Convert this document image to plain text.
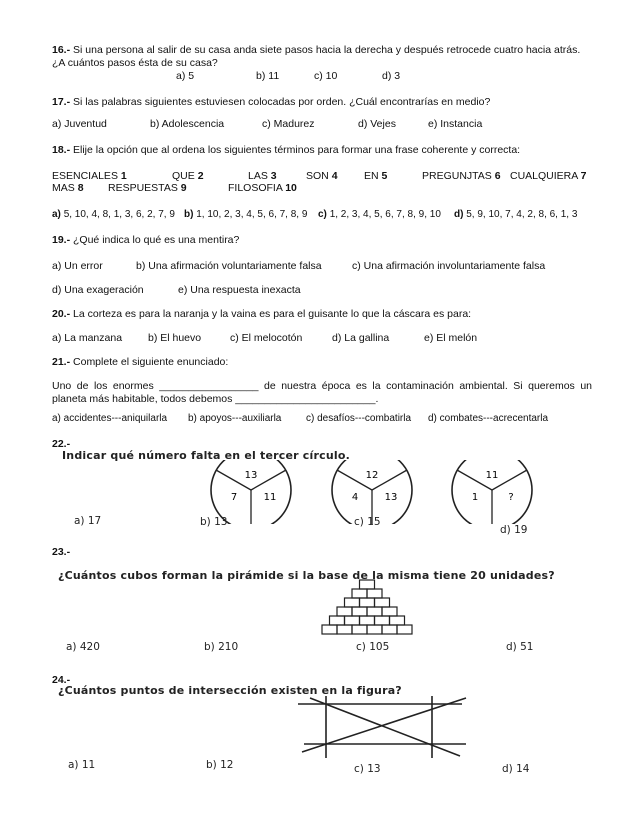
16.- Si una persona al salir de su casa anda siete pasos hacia la derecha y después retrocede cuatro hacia atrás. ¿A cuántos pasos ésta de su casa?
a) 5	b) 11	c) 10	d) 3
17.- Si las palabras siguientes estuviesen colocadas por orden. ¿Cuál encontrarías en medio?
a) Juventud	b) Adolescencia	c) Madurez	d) Vejes	e) Instancia
18.- Elije la opción que al ordena los siguientes términos para formar una frase coherente y correcta:
ESENCIALES 1	QUE 2	LAS 3	SON 4	EN 5	PREGUNJTAS 6 CUALQUIERA 7
MAS 8 RESPUESTAS 9	FILOSOFIA 10
a) 5, 10, 4, 8, 1, 3, 6, 2, 7, 9 b) 1, 10, 2, 3, 4, 5, 6, 7, 8, 9 c) 1, 2, 3, 4, 5, 6, 7, 8, 9, 10 d) 5, 9, 10, 7, 4, 2, 8, 6, 1, 3
19.- ¿Qué indica lo qué es una mentira?
a) Un error	b) Una afirmación voluntariamente falsa	c) Una afirmación involuntariamente falsa
d) Una exageración	e) Una respuesta inexacta
20.- La corteza es para la naranja y la vaina es para el guisante lo que la cáscara es para:
a) La manzana b) El huevo	c) El melocotón	d) La gallina	e) El melón
21.- Complete el siguiente enunciado:
Uno de los enormes _________________ de nuestra época es la contaminación ambiental. Si queremos un planeta más habitable, todos debemos ________________________.
a) accidentes---aniquilarla b) apoyos---auxiliarla c) desafíos---combatirla d) combates---acrecentarla
22.-
Indicar qué número falta en el tercer círculo.
13
7	11
12
4	13
11
1	?
a) 17	b) 13	c) 15
d) 19
23.-
¿Cuántos cubos forman la pirámide si la base de la misma tiene 20 unidades?
a) 420	b) 210	c) 105	d) 51
24.-
¿Cuántos puntos de intersección existen en la figura?
a) 11	b) 12	c) 13	d) 14
